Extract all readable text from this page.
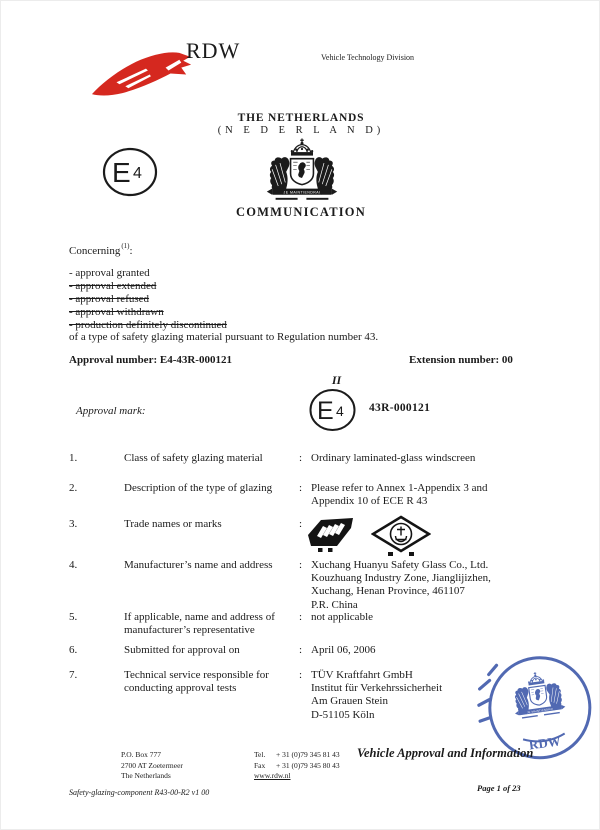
RDW	Vehicle Technology Division
THE NETHERLANDS
(N E D E R L A N D)
E 4
COMMUNICATION
Concerning$^{(1)}$:
- approval granted
- approval extended
- approval refused
- approval withdrawn
- production definitely discontinued
of a type of safety glazing material pursuant to Regulation number 43.
Approval number: E4-43R-000121	Extension number: 00
Approval mark:
II
E 4 43R-000121
1.	Class of safety glazing material	: Ordinary laminated-glass windscreen
2.	Description of the type of glazing	: Please refer to Annex 1-Appendix 3 and
Appendix 10 of ECE R 43
3.	Trade names or marks	:
4.	Manufacturer’s name and address	: Xuchang Huanyu Safety Glass Co., Ltd.
Kouzhuang Industry Zone, Jianglijizhen,
Xuchang, Henan Province, 461107
P.R. China
5.	If applicable, name and address of
manufacturer’s representative
: not applicable
6.	Submitted for approval on	: April 06, 2006
7.	Technical service responsible for
conducting approval tests
: TÜV Kraftfahrt GmbH
Institut für Verkehrssicherheit
Am Grauen Stein
D-51105 Köln
RDW
P.O. Box 777
2700 AT Zoetermeer
The Netherlands
Tel. + 31 (0)79 345 81 43
Fax + 31 (0)79 345 80 43
www.rdw.nl
Vehicle Approval and Information
Safety-glazing-component R43-00-R2 v1 00	Page 1 of 23
